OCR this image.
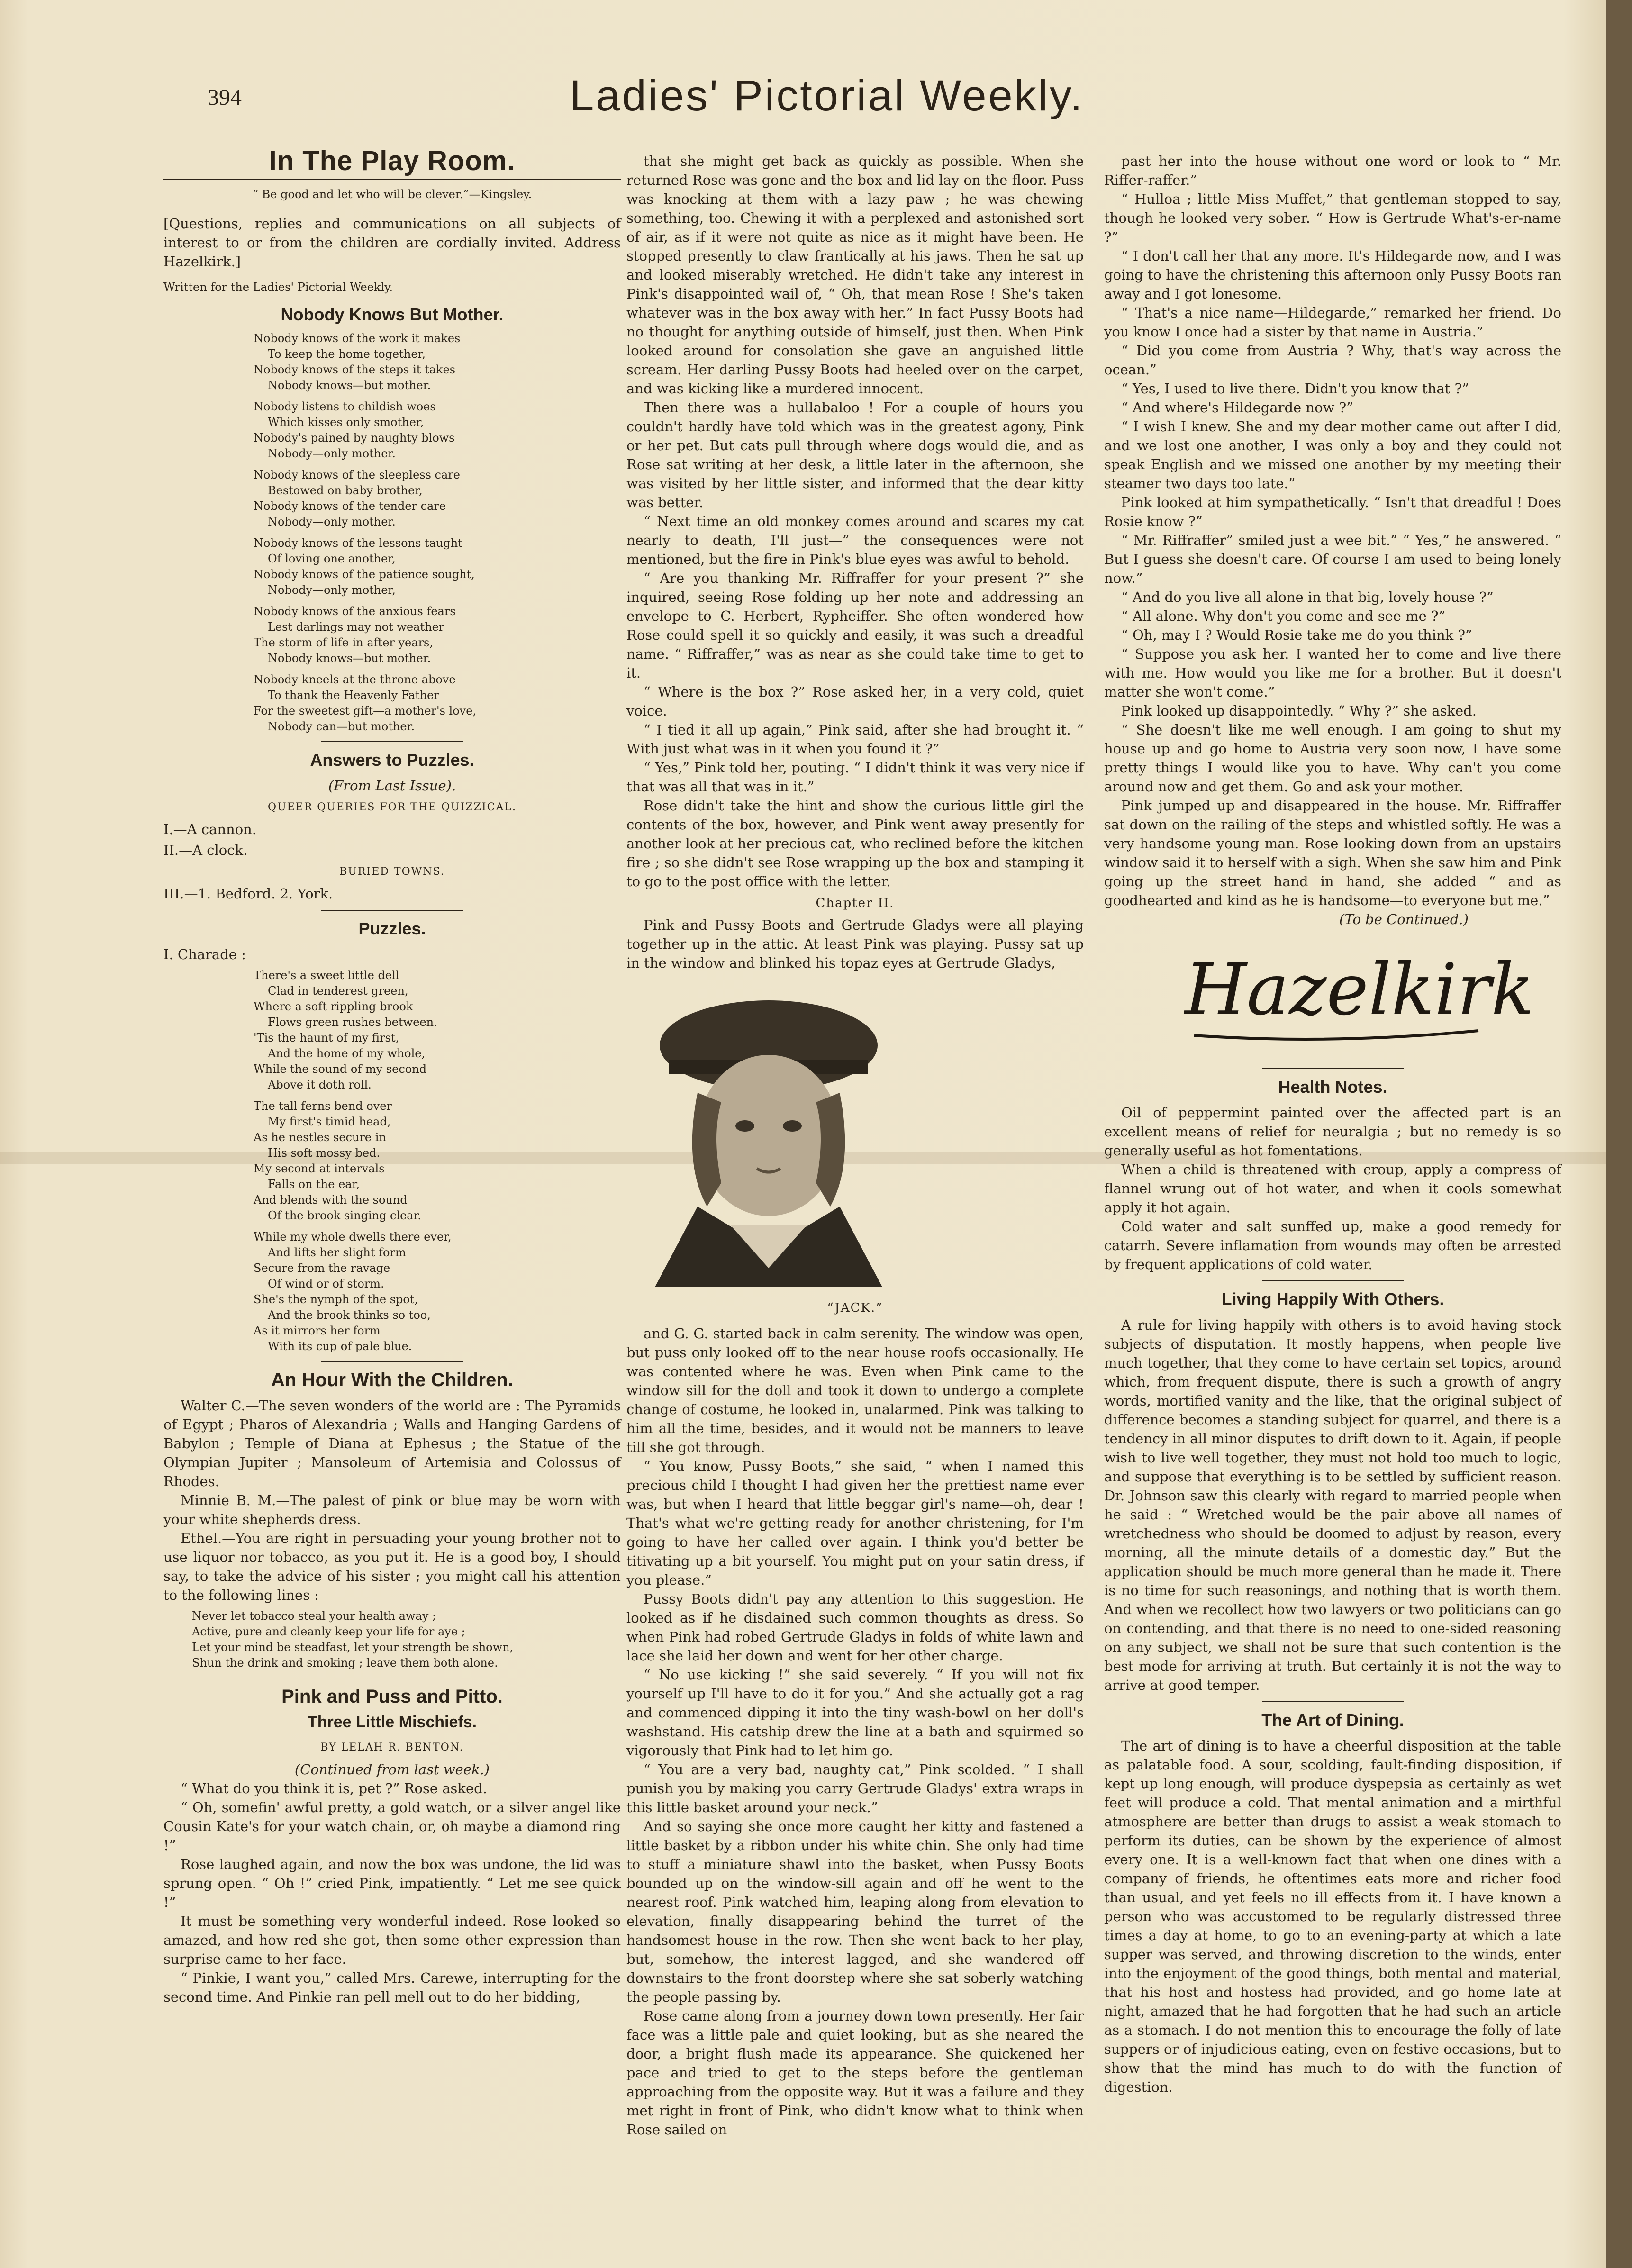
394	Ladies' Pictorial Weekly.
In The Play Room.
“ Be good and let who will be clever.”—Kingsley.

[Questions, replies and communications on all subjects of interest to or from the children are cordially invited. Address Hazelkirk.]

Written for the Ladies' Pictorial Weekly.
Nobody Knows But Mother.
Nobody knows of the work it makes
To keep the home together,
Nobody knows of the steps it takes
Nobody knows—but mother.
Nobody listens to childish woes
Which kisses only smother,
Nobody's pained by naughty blows
Nobody—only mother.
Nobody knows of the sleepless care
Bestowed on baby brother,
Nobody knows of the tender care
Nobody—only mother.
Nobody knows of the lessons taught
Of loving one another,
Nobody knows of the patience sought,
Nobody—only mother,
Nobody knows of the anxious fears
Lest darlings may not weather
The storm of life in after years,
Nobody knows—but mother.
Nobody kneels at the throne above
To thank the Heavenly Father
For the sweetest gift—a mother's love,
Nobody can—but mother.
Answers to Puzzles.
(From Last Issue).
QUEER QUERIES FOR THE QUIZZICAL.
I.—A cannon.
II.—A clock.
BURIED TOWNS.
III.—1. Bedford. 2. York.
Puzzles.
I. Charade :
There's a sweet little dell
Clad in tenderest green,
Where a soft rippling brook
Flows green rushes between.
'Tis the haunt of my first,
And the home of my whole,
While the sound of my second
Above it doth roll.
The tall ferns bend over
My first's timid head,
As he nestles secure in
His soft mossy bed.
My second at intervals
Falls on the ear,
And blends with the sound
Of the brook singing clear.
While my whole dwells there ever,
And lifts her slight form
Secure from the ravage
Of wind or of storm.
She's the nymph of the spot,
And the brook thinks so too,
As it mirrors her form
With its cup of pale blue.
An Hour With the Children.

Walter C.—The seven wonders of the world are : The Pyramids of Egypt ; Pharos of Alexandria ; Walls and Hanging Gardens of Babylon ; Temple of Diana at Ephesus ; the Statue of the Olympian Jupiter ; Mansoleum of Artemisia and Colossus of Rhodes.

Minnie B. M.—The palest of pink or blue may be worn with your white shepherds dress.

Ethel.—You are right in persuading your young brother not to use liquor nor tobacco, as you put it. He is a good boy, I should say, to take the advice of his sister ; you might call his attention to the following lines :

Never let tobacco steal your health away ;
Active, pure and cleanly keep your life for aye ;
Let your mind be steadfast, let your strength be shown,
Shun the drink and smoking ; leave them both alone.
Pink and Puss and Pitto.
Three Little Mischiefs.
BY LELAH R. BENTON.
(Continued from last week.)

“ What do you think it is, pet ?” Rose asked.

“ Oh, somefin' awful pretty, a gold watch, or a silver angel like Cousin Kate's for your watch chain, or, oh maybe a diamond ring !”

Rose laughed again, and now the box was undone, the lid was sprung open. “ Oh !” cried Pink, impatiently. “ Let me see quick !”

It must be something very wonderful indeed. Rose looked so amazed, and how red she got, then some other expression than surprise came to her face.

“ Pinkie, I want you,” called Mrs. Carewe, interrupting for the second time. And Pinkie ran pell mell out to do her bidding,

that she might get back as quickly as possible. When she returned Rose was gone and the box and lid lay on the floor. Puss was knocking at them with a lazy paw ; he was chewing something, too. Chewing it with a perplexed and astonished sort of air, as if it were not quite as nice as it might have been. He stopped presently to claw frantically at his jaws. Then he sat up and looked miserably wretched. He didn't take any interest in Pink's disappointed wail of, “ Oh, that mean Rose ! She's taken whatever was in the box away with her.” In fact Pussy Boots had no thought for anything outside of himself, just then. When Pink looked around for consolation she gave an anguished little scream. Her darling Pussy Boots had heeled over on the carpet, and was kicking like a murdered innocent.

Then there was a hullabaloo ! For a couple of hours you couldn't hardly have told which was in the greatest agony, Pink or her pet. But cats pull through where dogs would die, and as Rose sat writing at her desk, a little later in the afternoon, she was visited by her little sister, and informed that the dear kitty was better.

“ Next time an old monkey comes around and scares my cat nearly to death, I'll just—” the consequences were not mentioned, but the fire in Pink's blue eyes was awful to behold.

“ Are you thanking Mr. Riffraffer for your present ?” she inquired, seeing Rose folding up her note and addressing an envelope to C. Herbert, Rypheiffer. She often wondered how Rose could spell it so quickly and easily, it was such a dreadful name. “ Riffraffer,” was as near as she could take time to get to it.

“ Where is the box ?” Rose asked her, in a very cold, quiet voice.

“ I tied it all up again,” Pink said, after she had brought it. “ With just what was in it when you found it ?”

“ Yes,” Pink told her, pouting. “ I didn't think it was very nice if that was all that was in it.”

Rose didn't take the hint and show the curious little girl the contents of the box, however, and Pink went away presently for another look at her precious cat, who reclined before the kitchen fire ; so she didn't see Rose wrapping up the box and stamping it to go to the post office with the letter.

Chapter II.

Pink and Pussy Boots and Gertrude Gladys were all playing together up in the attic. At least Pink was playing. Pussy sat up in the window and blinked his topaz eyes at Gertrude Gladys,

“JACK.”

and G. G. started back in calm serenity. The window was open, but puss only looked off to the near house roofs occasionally. He was contented where he was. Even when Pink came to the window sill for the doll and took it down to undergo a complete change of costume, he looked in, unalarmed. Pink was talking to him all the time, besides, and it would not be manners to leave till she got through.

“ You know, Pussy Boots,” she said, “ when I named this precious child I thought I had given her the prettiest name ever was, but when I heard that little beggar girl's name—oh, dear ! That's what we're getting ready for another christening, for I'm going to have her called over again. I think you'd better be titivating up a bit yourself. You might put on your satin dress, if you please.”

Pussy Boots didn't pay any attention to this suggestion. He looked as if he disdained such common thoughts as dress. So when Pink had robed Gertrude Gladys in folds of white lawn and lace she laid her down and went for her other charge.

“ No use kicking !” she said severely. “ If you will not fix yourself up I'll have to do it for you.” And she actually got a rag and commenced dipping it into the tiny wash-bowl on her doll's washstand. His catship drew the line at a bath and squirmed so vigorously that Pink had to let him go.

“ You are a very bad, naughty cat,” Pink scolded. “ I shall punish you by making you carry Gertrude Gladys' extra wraps in this little basket around your neck.”

And so saying she once more caught her kitty and fastened a little basket by a ribbon under his white chin. She only had time to stuff a miniature shawl into the basket, when Pussy Boots bounded up on the window-sill again and off he went to the nearest roof. Pink watched him, leaping along from elevation to elevation, finally disappearing behind the turret of the handsomest house in the row. Then she went back to her play, but, somehow, the interest lagged, and she wandered off downstairs to the front doorstep where she sat soberly watching the people passing by.

Rose came along from a journey down town presently. Her fair face was a little pale and quiet looking, but as she neared the door, a bright flush made its appearance. She quickened her pace and tried to get to the steps before the gentleman approaching from the opposite way. But it was a failure and they met right in front of Pink, who didn't know what to think when Rose sailed on

past her into the house without one word or look to “ Mr. Riffer-raffer.”

“ Hulloa ; little Miss Muffet,” that gentleman stopped to say, though he looked very sober. “ How is Gertrude What's-er-name ?”

“ I don't call her that any more. It's Hildegarde now, and I was going to have the christening this afternoon only Pussy Boots ran away and I got lonesome.

“ That's a nice name—Hildegarde,” remarked her friend. Do you know I once had a sister by that name in Austria.”

“ Did you come from Austria ? Why, that's way across the ocean.”

“ Yes, I used to live there. Didn't you know that ?”

“ And where's Hildegarde now ?”

“ I wish I knew. She and my dear mother came out after I did, and we lost one another, I was only a boy and they could not speak English and we missed one another by my meeting their steamer two days too late.”

Pink looked at him sympathetically. “ Isn't that dreadful ! Does Rosie know ?”

“ Mr. Riffraffer” smiled just a wee bit.” “ Yes,” he answered. “ But I guess she doesn't care. Of course I am used to being lonely now.”

“ And do you live all alone in that big, lovely house ?”

“ All alone. Why don't you come and see me ?”

“ Oh, may I ? Would Rosie take me do you think ?”

“ Suppose you ask her. I wanted her to come and live there with me. How would you like me for a brother. But it doesn't matter she won't come.”

Pink looked up disappointedly. “ Why ?” she asked.

“ She doesn't like me well enough. I am going to shut my house up and go home to Austria very soon now, I have some pretty things I would like you to have. Why can't you come around now and get them. Go and ask your mother.

Pink jumped up and disappeared in the house. Mr. Riffraffer sat down on the railing of the steps and whistled softly. He was a very handsome young man. Rose looking down from an upstairs window said it to herself with a sigh. When she saw him and Pink going up the street hand in hand, she added “ and as goodhearted and kind as he is handsome—to everyone but me.”

(To be Continued.)
Hazelkirk
Health Notes.

Oil of peppermint painted over the affected part is an excellent means of relief for neuralgia ; but no remedy is so generally useful as hot fomentations.

When a child is threatened with croup, apply a compress of flannel wrung out of hot water, and when it cools somewhat apply it hot again.

Cold water and salt sunffed up, make a good remedy for catarrh. Severe inflamation from wounds may often be arrested by frequent applications of cold water.

Living Happily With Others.

A rule for living happily with others is to avoid having stock subjects of disputation. It mostly happens, when people live much together, that they come to have certain set topics, around which, from frequent dispute, there is such a growth of angry words, mortified vanity and the like, that the original subject of difference becomes a standing subject for quarrel, and there is a tendency in all minor disputes to drift down to it. Again, if people wish to live well together, they must not hold too much to logic, and suppose that everything is to be settled by sufficient reason. Dr. Johnson saw this clearly with regard to married people when he said : “ Wretched would be the pair above all names of wretchedness who should be doomed to adjust by reason, every morning, all the minute details of a domestic day.” But the application should be much more general than he made it. There is no time for such reasonings, and nothing that is worth them. And when we recollect how two lawyers or two politicians can go on contending, and that there is no need to one-sided reasoning on any subject, we shall not be sure that such contention is the best mode for arriving at truth. But certainly it is not the way to arrive at good temper.

The Art of Dining.

The art of dining is to have a cheerful disposition at the table as palatable food. A sour, scolding, fault-finding disposition, if kept up long enough, will produce dyspepsia as certainly as wet feet will produce a cold. That mental animation and a mirthful atmosphere are better than drugs to assist a weak stomach to perform its duties, can be shown by the experience of almost every one. It is a well-known fact that when one dines with a company of friends, he oftentimes eats more and richer food than usual, and yet feels no ill effects from it. I have known a person who was accustomed to be regularly distressed three times a day at home, to go to an evening-party at which a late supper was served, and throwing discretion to the winds, enter into the enjoyment of the good things, both mental and material, that his host and hostess had provided, and go home late at night, amazed that he had forgotten that he had such an article as a stomach. I do not mention this to encourage the folly of late suppers or of injudicious eating, even on festive occasions, but to show that the mind has much to do with the function of digestion.
